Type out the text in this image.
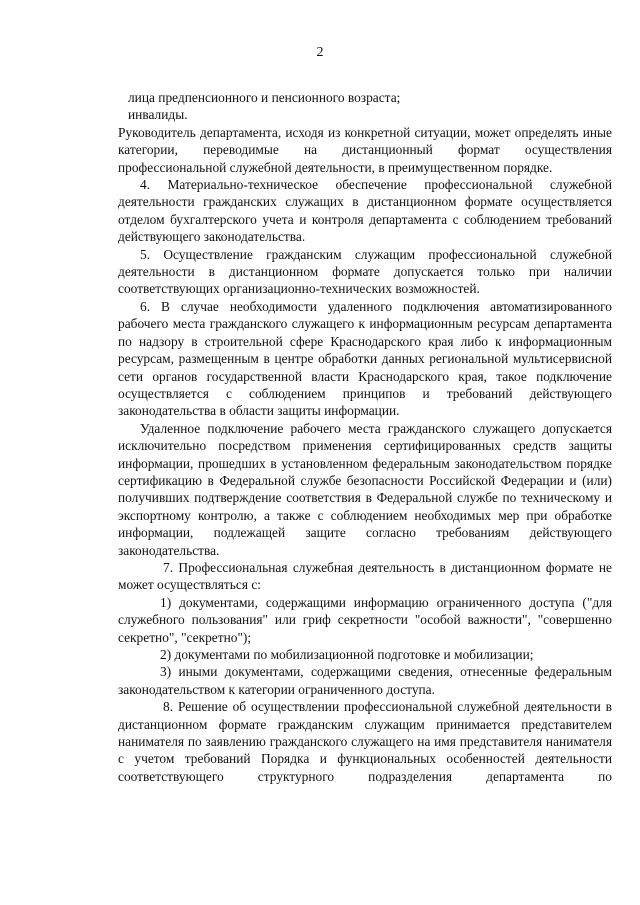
2

лица предпенсионного и пенсионного возраста;

инвалиды.

Руководитель департамента, исходя из конкретной ситуации, может определять иные категории, переводимые на дистанционный формат осуществления профессиональной служебной деятельности, в преимущественном порядке.

4. Материально-техническое обеспечение профессиональной служебной деятельности гражданских служащих в дистанционном формате осуществляется отделом бухгалтерского учета и контроля департамента с соблюдением требований действующего законодательства.

5. Осуществление гражданским служащим профессиональной служебной деятельности в дистанционном формате допускается только при наличии соответствующих организационно-технических возможностей.

6. В случае необходимости удаленного подключения автоматизированного рабочего места гражданского служащего к информационным ресурсам департамента по надзору в строительной сфере Краснодарского края либо к информационным ресурсам, размещенным в центре обработки данных региональной мультисервисной сети органов государственной власти Краснодарского края, такое подключение осуществляется с соблюдением принципов и требований действующего законодательства в области защиты информации.

Удаленное подключение рабочего места гражданского служащего допускается исключительно посредством применения сертифицированных средств защиты информации, прошедших в установленном федеральным законодательством порядке сертификацию в Федеральной службе безопасности Российской Федерации и (или) получивших подтверждение соответствия в Федеральной службе по техническому и экспортному контролю, а также с соблюдением необходимых мер при обработке информации, подлежащей защите согласно требованиям действующего законодательства.

7. Профессиональная служебная деятельность в дистанционном формате не может осуществляться с:

1) документами, содержащими информацию ограниченного доступа ("для служебного пользования" или гриф секретности "особой важности", "совершенно секретно", "секретно");

2) документами по мобилизационной подготовке и мобилизации;

3) иными документами, содержащими сведения, отнесенные федеральным законодательством к категории ограниченного доступа.

8. Решение об осуществлении профессиональной служебной деятельности в дистанционном формате гражданским служащим принимается представителем нанимателя по заявлению гражданского служащего на имя представителя нанимателя с учетом требований Порядка и функциональных особенностей деятельности соответствующего структурного подразделения департамента по
